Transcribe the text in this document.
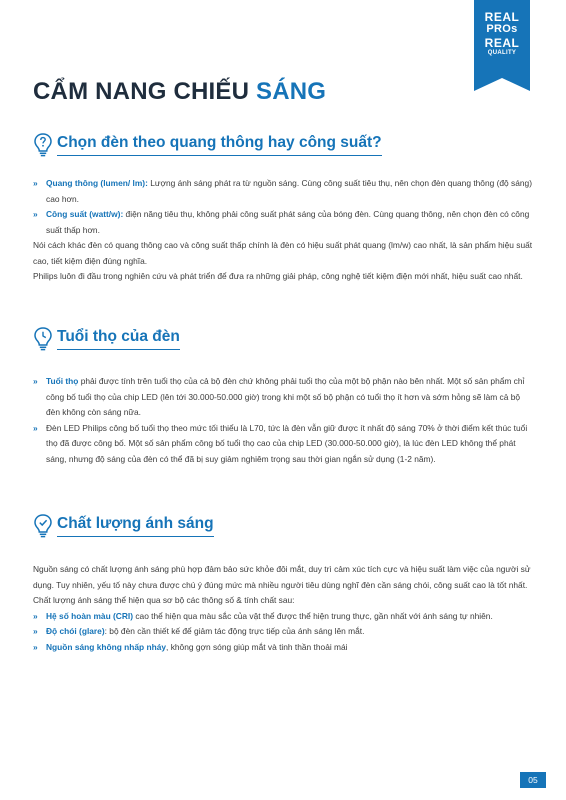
REAL
PROs
REAL
QUALITY
CẨM NANG CHIẾU SÁNG
Chọn đèn theo quang thông hay công suất?
» Quang thông (lumen/ lm): Lượng ánh sáng phát ra từ nguồn sáng. Cùng công suất tiêu thụ, nên chọn đèn quang thông (độ sáng) cao hơn.
» Công suất (watt/w): điện năng tiêu thụ, không phải công suất phát sáng của bóng đèn. Cùng quang thông, nên chọn đèn có công suất thấp hơn.

Nói cách khác đèn có quang thông cao và công suất thấp chính là đèn có hiệu suất phát quang (lm/w) cao nhất, là sản phẩm hiệu suất cao, tiết kiệm điện đúng nghĩa.

Philips luôn đi đầu trong nghiên cứu và phát triển để đưa ra những giải pháp, công nghệ tiết kiệm điện mới nhất, hiệu suất cao nhất.

Tuổi thọ của đèn
» Tuổi thọ phải được tính trên tuổi thọ của cả bộ đèn chứ không phải tuổi thọ của một bộ phận nào bên nhất. Một số sản phẩm chỉ công bố tuổi thọ của chip LED (lên tới 30.000-50.000 giờ) trong khi một số bộ phận có tuổi thọ ít hơn và sớm hỏng sẽ làm cả bộ đèn không còn sáng nữa.
» Đèn LED Philips công bố tuổi thọ theo mức tối thiểu là L70, tức là đèn vẫn giữ được ít nhất độ sáng 70% ở thời điểm kết thúc tuổi thọ đã được công bố. Một số sản phẩm công bố tuổi thọ cao của chip LED (30.000-50.000 giờ), là lúc đèn LED không thể phát sáng, nhưng độ sáng của đèn có thể đã bị suy giảm nghiêm trọng sau thời gian ngắn sử dụng (1-2 năm).
Chất lượng ánh sáng

Nguồn sáng có chất lượng ánh sáng phù hợp đảm bảo sức khỏe đôi mắt, duy trì cảm xúc tích cực và hiệu suất làm việc của người sử dụng. Tuy nhiên, yếu tố này chưa được chú ý đúng mức mà nhiều người tiêu dùng nghĩ đèn cần sáng chói, công suất cao là tốt nhất.

Chất lượng ánh sáng thể hiện qua sơ bộ các thông số & tính chất sau:

» Hệ số hoàn màu (CRI) cao thể hiện qua màu sắc của vật thể được thể hiện trung thực, gần nhất với ánh sáng tự nhiên.
» Độ chói (glare): bộ đèn cần thiết kế để giảm tác động trực tiếp của ánh sáng lên mắt.
» Nguồn sáng không nhấp nháy, không gợn sóng giúp mắt và tinh thần thoải mái
05
